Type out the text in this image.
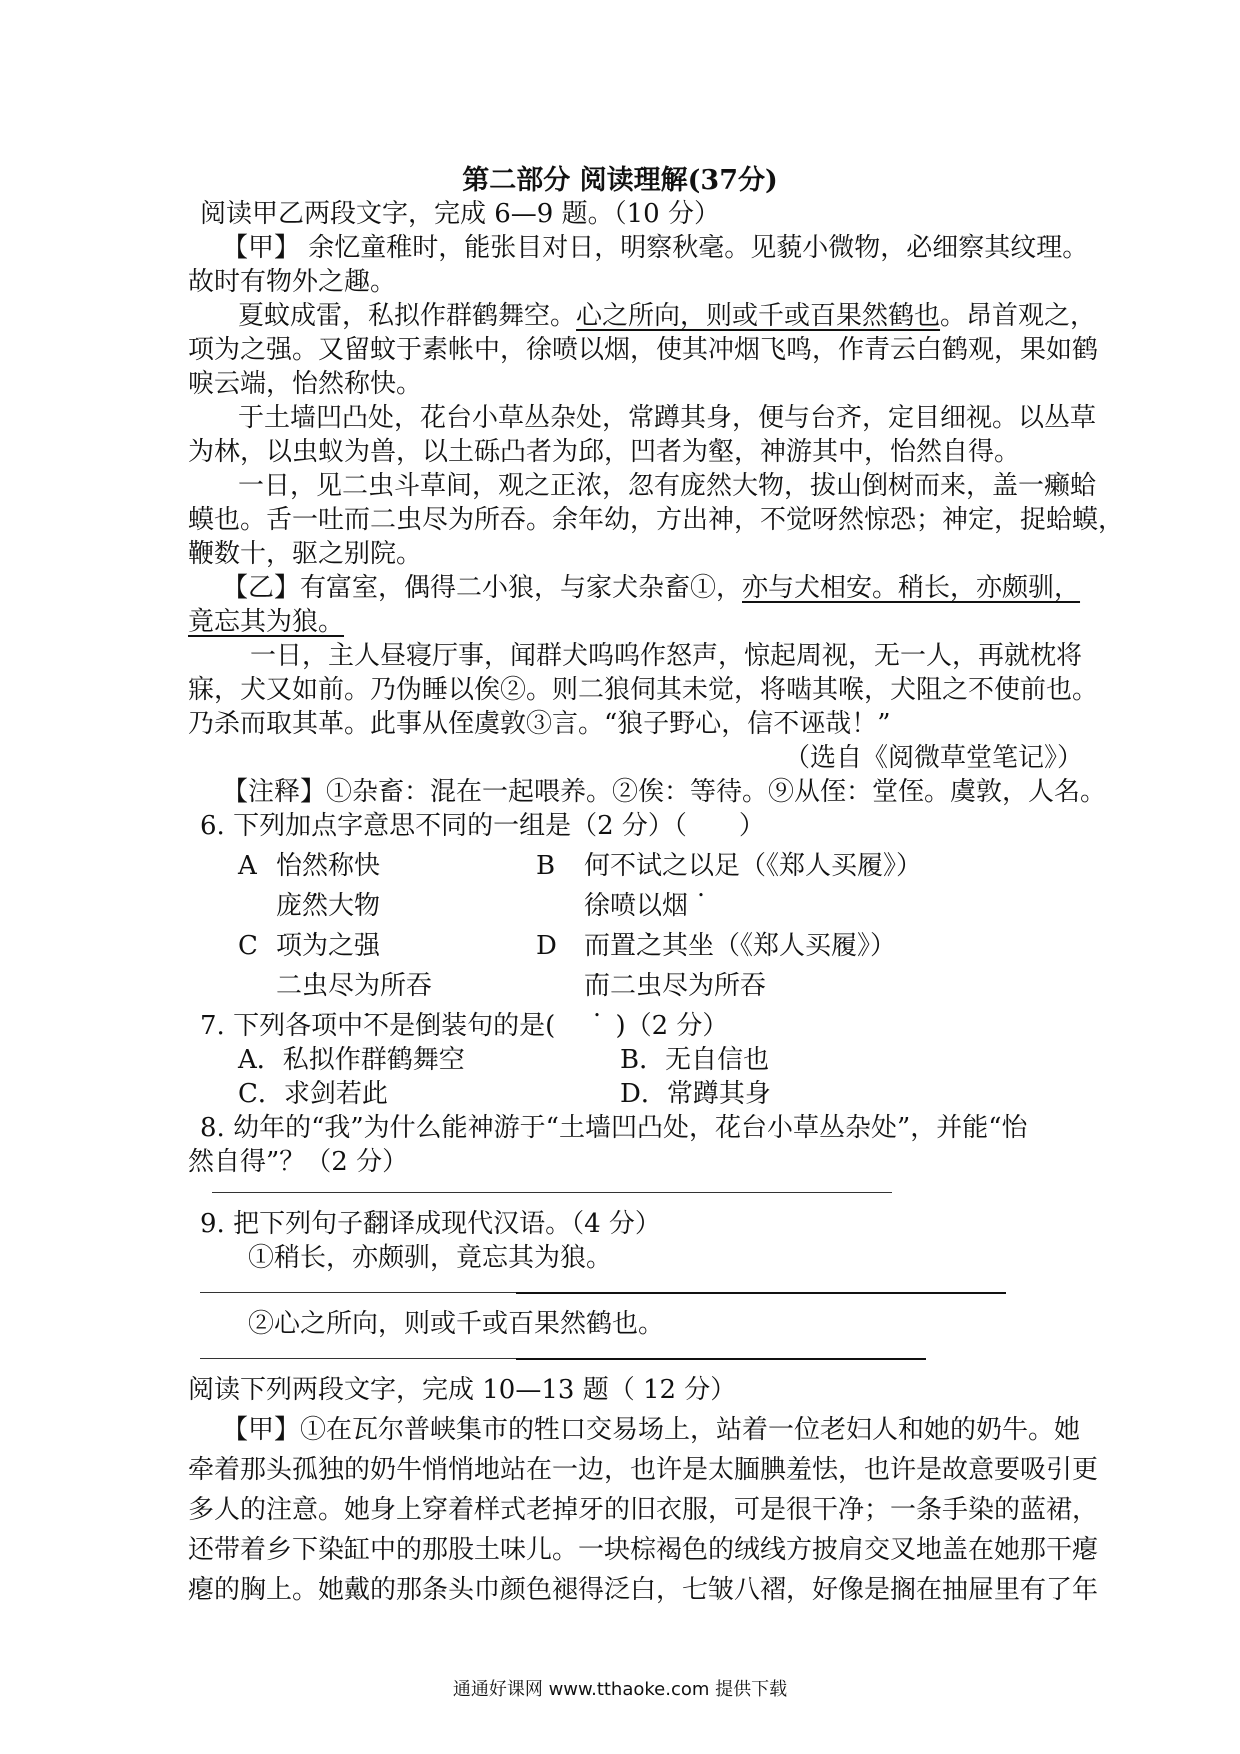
第二部分 阅读理解(37分)
阅读甲乙两段文字，完成 6—9 题。（10 分）
【甲】 余忆童稚时，能张目对日，明察秋毫。见藐小微物，必细察其纹理。
故时有物外之趣。
夏蚊成雷，私拟作群鹤舞空。心之所向，则或千或百果然鹤也。昂首观之，
项为之强。又留蚊于素帐中，徐喷以烟，使其冲烟飞鸣，作青云白鹤观，果如鹤
唳云端，怡然称快。
于土墙凹凸处，花台小草丛杂处，常蹲其身，便与台齐，定目细视。以丛草
为林，以虫蚁为兽，以土砾凸者为邱，凹者为壑，神游其中，怡然自得。
一日，见二虫斗草间，观之正浓，忽有庞然大物，拔山倒树而来，盖一癞蛤
蟆也。舌一吐而二虫尽为所吞。余年幼，方出神，不觉呀然惊恐；神定，捉蛤蟆，
鞭数十，驱之别院。
【乙】有富室，偶得二小狼，与家犬杂畜①，亦与犬相安。稍长，亦颇驯，
竟忘其为狼。
一日，主人昼寝厅事，闻群犬呜呜作怒声，惊起周视，无一人，再就枕将
寐，犬又如前。乃伪睡以俟②。则二狼伺其未觉，将啮其喉，犬阻之不使前也。
乃杀而取其革。此事从侄虞敦③言。“狼子野心，信不诬哉！”
（选自《阅微草堂笔记》）
【注释】①杂畜：混在一起喂养。②俟：等待。⑨从侄：堂侄。虞敦，人名。
6. 下列加点字意思不同的一组是（2 分）（　　）
A 怡然称快
庞然大物
B 何不试之以足（《郑人买履》）
徐喷以烟
C 项为之强
二虫尽为所吞
D 而置之其坐（《郑人买履》）
而二虫尽为所吞
7. 下列各项中不是倒装句的是(　　 )（2 分）
A．私拟作群鹤舞空	B．无自信也
C．求剑若此	D．常蹲其身
8. 幼年的“我”为什么能神游于“土墙凹凸处，花台小草丛杂处”，并能“怡
然自得”？（2 分）
9. 把下列句子翻译成现代汉语。（4 分）
①稍长，亦颇驯，竟忘其为狼。
②心之所向，则或千或百果然鹤也。
阅读下列两段文字，完成 10—13 题（ 12 分）
【甲】①在瓦尔普峡集市的牲口交易场上，站着一位老妇人和她的奶牛。她
牵着那头孤独的奶牛悄悄地站在一边，也许是太腼腆羞怯，也许是故意要吸引更
多人的注意。她身上穿着样式老掉牙的旧衣服，可是很干净；一条手染的蓝裙，
还带着乡下染缸中的那股土味儿。一块棕褐色的绒线方披肩交叉地盖在她那干瘪
瘪的胸上。她戴的那条头巾颜色褪得泛白，七皱八褶，好像是搁在抽屉里有了年
通通好课网 www.tthaoke.com 提供下载
